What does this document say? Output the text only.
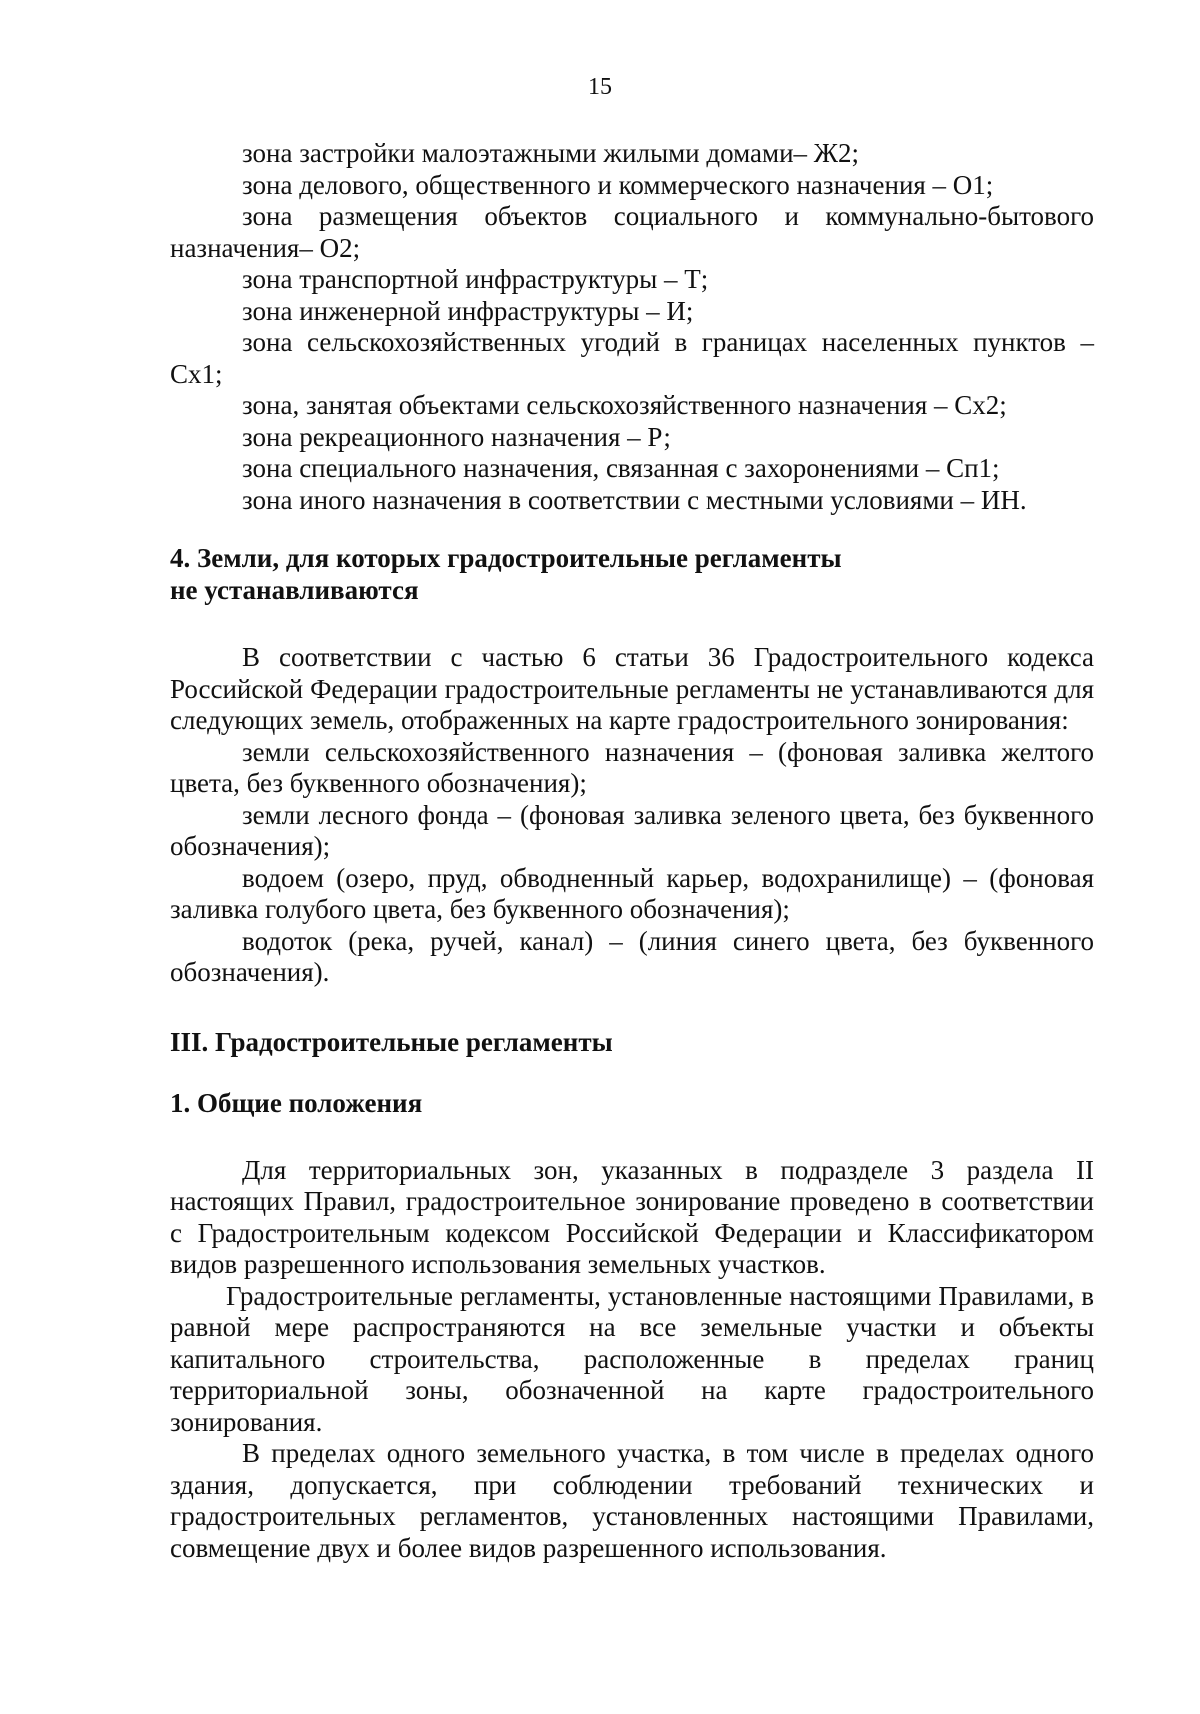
15

зона застройки малоэтажными жилыми домами– Ж2;

зона делового, общественного и коммерческого назначения – О1;

зона размещения объектов социального и коммунально-бытового назначения– О2;

зона транспортной инфраструктуры – Т;

зона инженерной инфраструктуры – И;

зона сельскохозяйственных угодий в границах населенных пунктов – Сх1;

зона, занятая объектами сельскохозяйственного назначения – Сх2;

зона рекреационного назначения – Р;

зона специального назначения, связанная с захоронениями – Сп1;

зона иного назначения в соответствии с местными условиями – ИН.

4. Земли, для которых градостроительные регламенты
не устанавливаются

В соответствии с частью 6 статьи 36 Градостроительного кодекса Российской Федерации градостроительные регламенты не устанавливаются для следующих земель, отображенных на карте градостроительного зонирования:

земли сельскохозяйственного назначения – (фоновая заливка желтого цвета, без буквенного обозначения);

земли лесного фонда – (фоновая заливка зеленого цвета, без буквенного обозначения);

водоем (озеро, пруд, обводненный карьер, водохранилище) – (фоновая заливка голубого цвета, без буквенного обозначения);

водоток (река, ручей, канал) – (линия синего цвета, без буквенного обозначения).

III. Градостроительные регламенты

1. Общие положения

Для территориальных зон, указанных в подразделе 3 раздела II настоящих Правил, градостроительное зонирование проведено в соответствии с Градостроительным кодексом Российской Федерации и Классификатором видов разрешенного использования земельных участков.

Градостроительные регламенты, установленные настоящими Правилами, в равной мере распространяются на все земельные участки и объекты капитального строительства, расположенные в пределах границ территориальной зоны, обозначенной на карте градостроительного зонирования.

В пределах одного земельного участка, в том числе в пределах одного здания, допускается, при соблюдении требований технических и градостроительных регламентов, установленных настоящими Правилами, совмещение двух и более видов разрешенного использования.
